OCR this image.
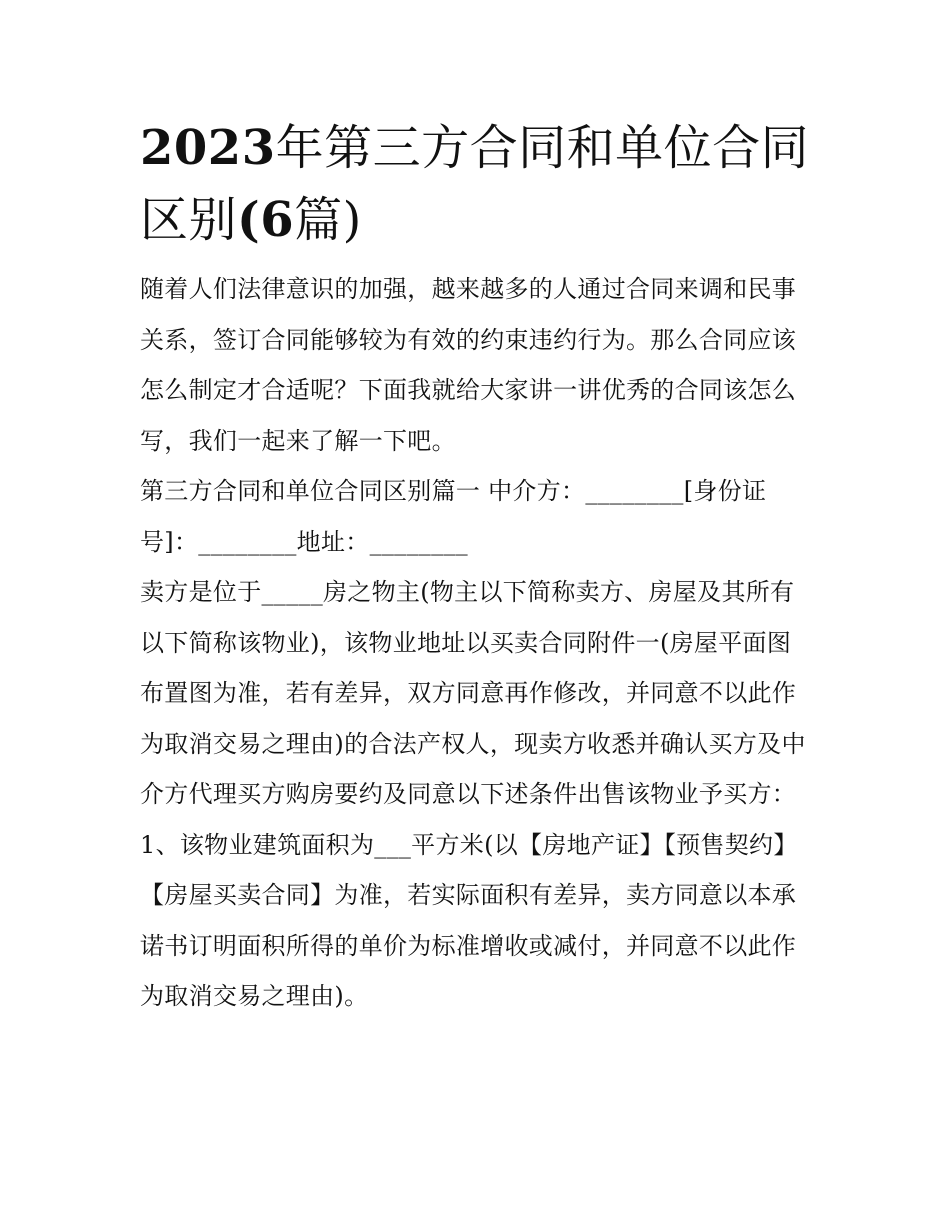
2023年第三方合同和单位合同区别(6篇)

随着人们法律意识的加强，越来越多的人通过合同来调和民事关系，签订合同能够较为有效的约束违约行为。那么合同应该怎么制定才合适呢？下面我就给大家讲一讲优秀的合同该怎么写，我们一起来了解一下吧。

第三方合同和单位合同区别篇一 中介方：________[身份证号]：________地址：________

卖方是位于_____房之物主(物主以下简称卖方、房屋及其所有以下简称该物业)，该物业地址以买卖合同附件一(房屋平面图布置图为准，若有差异，双方同意再作修改，并同意不以此作为取消交易之理由)的合法产权人，现卖方收悉并确认买方及中介方代理买方购房要约及同意以下述条件出售该物业予买方：

1、该物业建筑面积为___平方米(以【房地产证】【预售契约】【房屋买卖合同】为准，若实际面积有差异，卖方同意以本承诺书订明面积所得的单价为标准增收或减付，并同意不以此作为取消交易之理由)。
